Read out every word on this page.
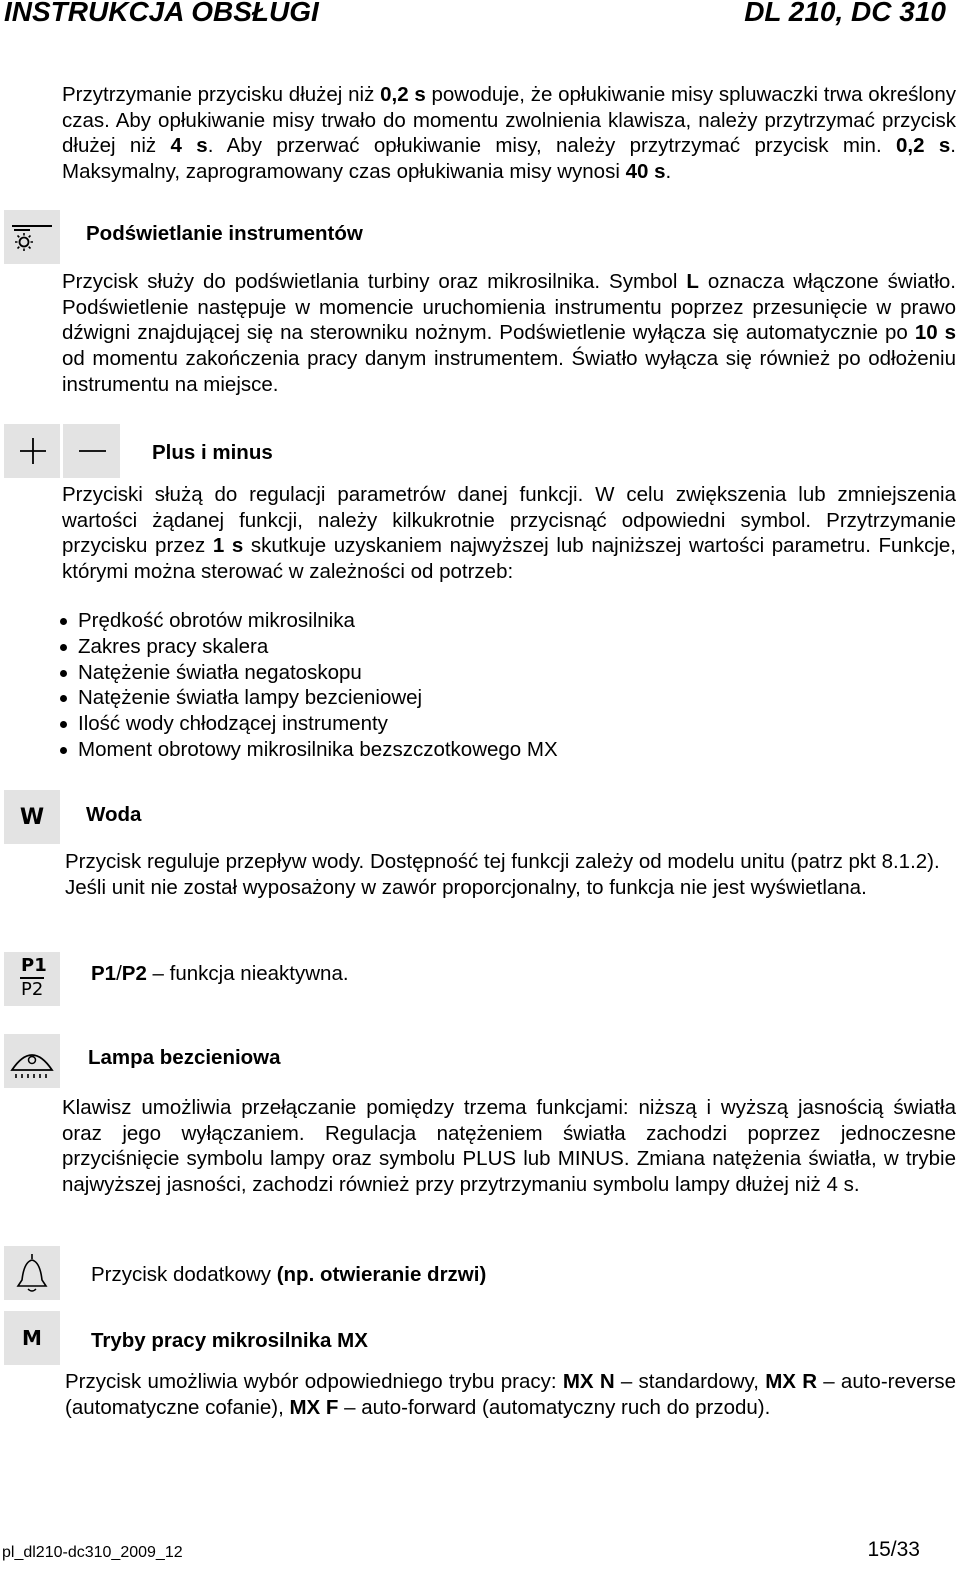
INSTRUKCJA OBSŁUGI	DL 210, DC 310
Przytrzymanie przycisku dłużej niż 0,2 s powoduje, że opłukiwanie misy spluwaczki trwa określony czas. Aby opłukiwanie misy trwało do momentu zwolnienia klawisza, należy przytrzymać przycisk dłużej niż 4 s. Aby przerwać opłukiwanie misy, należy przytrzymać przycisk min. 0,2 s. Maksymalny, zaprogramowany czas opłukiwania misy wynosi 40 s.
Podświetlanie instrumentów
Przycisk służy do podświetlania turbiny oraz mikrosilnika. Symbol L oznacza włączone światło. Podświetlenie następuje w momencie uruchomienia instrumentu poprzez przesunięcie w prawo dźwigni znajdującej się na sterowniku nożnym. Podświetlenie wyłącza się automatycznie po 10 s od momentu zakończenia pracy danym instrumentem. Światło wyłącza się również po odłożeniu instrumentu na miejsce.
Plus i minus
Przyciski służą do regulacji parametrów danej funkcji. W celu zwiększenia lub zmniejszenia wartości żądanej funkcji, należy kilkukrotnie przycisnąć odpowiedni symbol. Przytrzymanie przycisku przez 1 s skutkuje uzyskaniem najwyższej lub najniższej wartości parametru. Funkcje, którymi można sterować w zależności od potrzeb:
Prędkość obrotów mikrosilnika
Zakres pracy skalera
Natężenie światła negatoskopu
Natężenie światła lampy bezcieniowej
Ilość wody chłodzącej instrumenty
Moment obrotowy mikrosilnika bezszczotkowego MX
W Woda
Przycisk reguluje przepływ wody. Dostępność tej funkcji zależy od modelu unitu (patrz pkt 8.1.2). Jeśli unit nie został wyposażony w zawór proporcjonalny, to funkcja nie jest wyświetlana.
P1
P2
P1/P2 – funkcja nieaktywna.
Lampa bezcieniowa
Klawisz umożliwia przełączanie pomiędzy trzema funkcjami: niższą i wyższą jasnością światła oraz jego wyłączaniem. Regulacja natężeniem światła zachodzi poprzez jednoczesne przyciśnięcie symbolu lampy oraz symbolu PLUS lub MINUS. Zmiana natężenia światła, w trybie najwyższej jasności, zachodzi również przy przytrzymaniu symbolu lampy dłużej niż 4 s.
Przycisk dodatkowy (np. otwieranie drzwi)
M Tryby pracy mikrosilnika MX
Przycisk umożliwia wybór odpowiedniego trybu pracy: MX N – standardowy, MX R – auto-reverse (automatyczne cofanie), MX F – auto-forward (automatyczny ruch do przodu).
pl_dl210-dc310_2009_12	15/33
